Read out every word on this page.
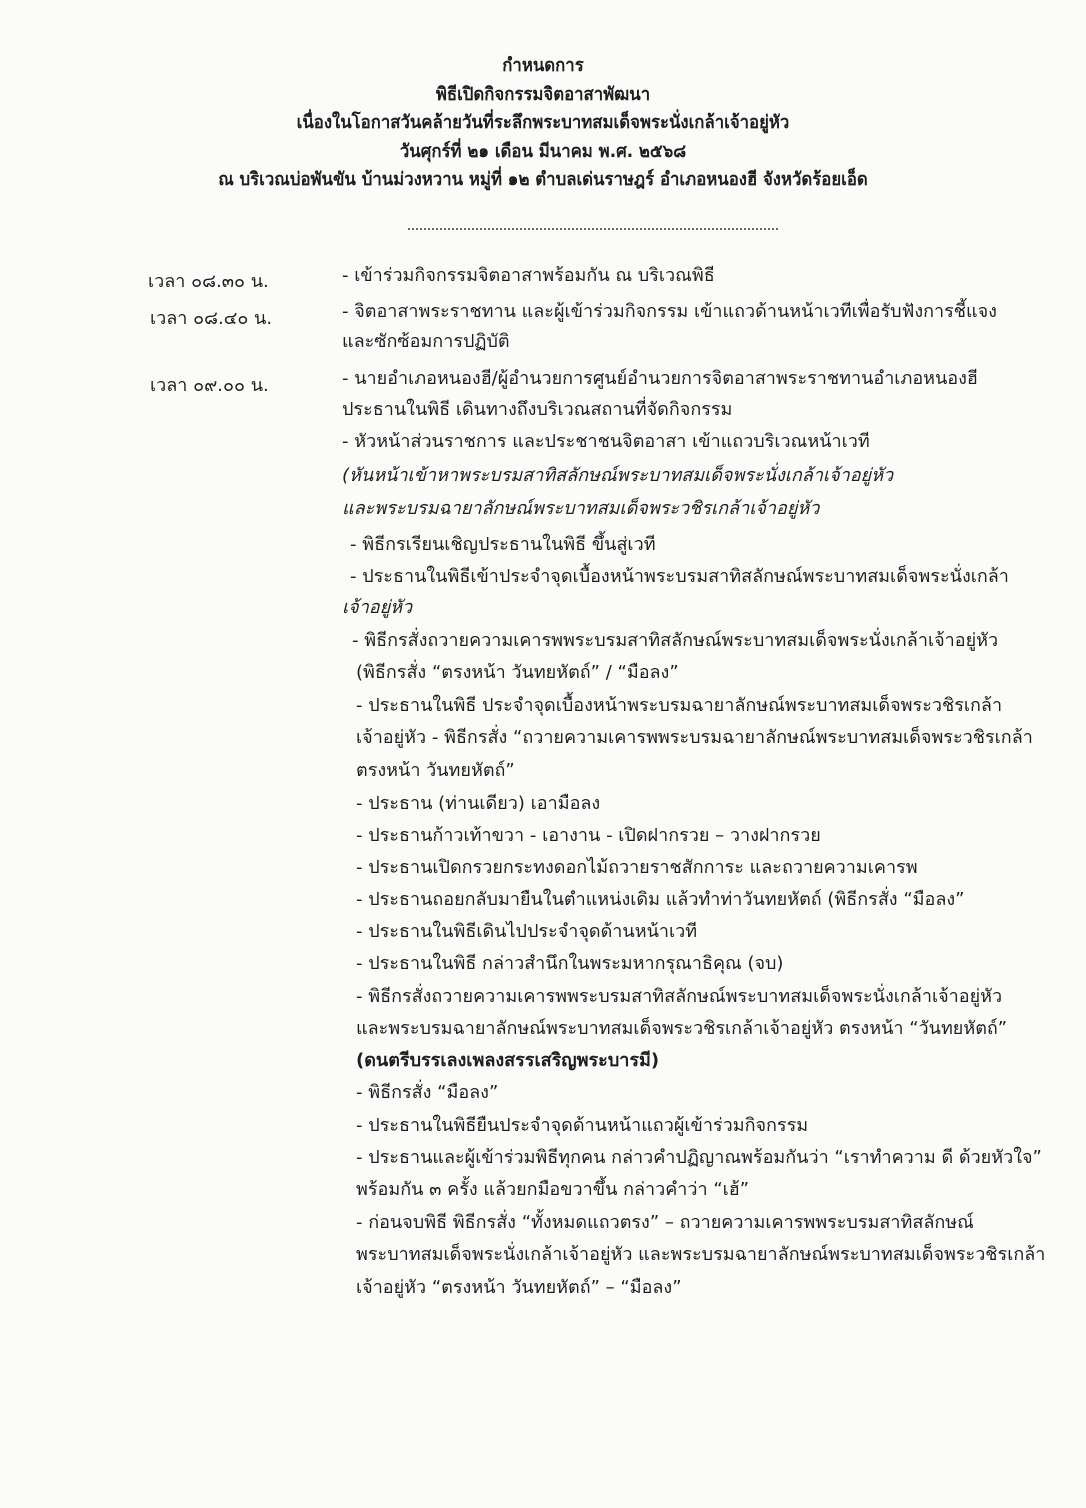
กำหนดการ
พิธีเปิดกิจกรรมจิตอาสาพัฒนา
เนื่องในโอกาสวันคล้ายวันที่ระลึกพระบาทสมเด็จพระนั่งเกล้าเจ้าอยู่หัว
วันศุกร์ที่ ๒๑ เดือน มีนาคม พ.ศ. ๒๕๖๘
ณ บริเวณบ่อพันขัน บ้านม่วงหวาน หมู่ที่ ๑๒ ตำบลเด่นราษฎร์ อำเภอหนองฮี จังหวัดร้อยเอ็ด
เวลา ๐๘.๓๐ น.
เวลา ๐๘.๔๐ น.
เวลา ๐๙.๐๐ น.
- เข้าร่วมกิจกรรมจิตอาสาพร้อมกัน ณ บริเวณพิธี
- จิตอาสาพระราชทาน และผู้เข้าร่วมกิจกรรม เข้าแถวด้านหน้าเวทีเพื่อรับฟังการชี้แจง
และซักซ้อมการปฏิบัติ
- นายอำเภอหนองฮี/ผู้อำนวยการศูนย์อำนวยการจิตอาสาพระราชทานอำเภอหนองฮี
ประธานในพิธี เดินทางถึงบริเวณสถานที่จัดกิจกรรม
- หัวหน้าส่วนราชการ และประชาชนจิตอาสา เข้าแถวบริเวณหน้าเวที
(หันหน้าเข้าหาพระบรมสาทิสลักษณ์พระบาทสมเด็จพระนั่งเกล้าเจ้าอยู่หัว
และพระบรมฉายาลักษณ์พระบาทสมเด็จพระวชิรเกล้าเจ้าอยู่หัว
- พิธีกรเรียนเชิญประธานในพิธี ขึ้นสู่เวที
- ประธานในพิธีเข้าประจำจุดเบื้องหน้าพระบรมสาทิสลักษณ์พระบาทสมเด็จพระนั่งเกล้า
เจ้าอยู่หัว
- พิธีกรสั่งถวายความเคารพพระบรมสาทิสลักษณ์พระบาทสมเด็จพระนั่งเกล้าเจ้าอยู่หัว
(พิธีกรสั่ง “ตรงหน้า วันทยหัตถ์” / “มือลง”
- ประธานในพิธี ประจำจุดเบื้องหน้าพระบรมฉายาลักษณ์พระบาทสมเด็จพระวชิรเกล้า
เจ้าอยู่หัว - พิธีกรสั่ง “ถวายความเคารพพระบรมฉายาลักษณ์พระบาทสมเด็จพระวชิรเกล้า
ตรงหน้า วันทยหัตถ์”
- ประธาน (ท่านเดียว) เอามือลง
- ประธานก้าวเท้าขวา - เอางาน - เปิดฝากรวย – วางฝากรวย
- ประธานเปิดกรวยกระทงดอกไม้ถวายราชสักการะ และถวายความเคารพ
- ประธานถอยกลับมายืนในตำแหน่งเดิม แล้วทำท่าวันทยหัตถ์ (พิธีกรสั่ง “มือลง”
- ประธานในพิธีเดินไปประจำจุดด้านหน้าเวที
- ประธานในพิธี กล่าวสำนึกในพระมหากรุณาธิคุณ (จบ)
- พิธีกรสั่งถวายความเคารพพระบรมสาทิสลักษณ์พระบาทสมเด็จพระนั่งเกล้าเจ้าอยู่หัว
และพระบรมฉายาลักษณ์พระบาทสมเด็จพระวชิรเกล้าเจ้าอยู่หัว ตรงหน้า “วันทยหัตถ์”
(ดนตรีบรรเลงเพลงสรรเสริญพระบารมี)
- พิธีกรสั่ง “มือลง”
- ประธานในพิธียืนประจำจุดด้านหน้าแถวผู้เข้าร่วมกิจกรรม
- ประธานและผู้เข้าร่วมพิธีทุกคน กล่าวคำปฏิญาณพร้อมกันว่า “เราทำความ ดี ด้วยหัวใจ”
พร้อมกัน ๓ ครั้ง แล้วยกมือขวาขึ้น กล่าวคำว่า “เฮ้”
- ก่อนจบพิธี พิธีกรสั่ง “ทั้งหมดแถวตรง” – ถวายความเคารพพระบรมสาทิสลักษณ์
พระบาทสมเด็จพระนั่งเกล้าเจ้าอยู่หัว และพระบรมฉายาลักษณ์พระบาทสมเด็จพระวชิรเกล้า
เจ้าอยู่หัว “ตรงหน้า วันทยหัตถ์” – “มือลง”
